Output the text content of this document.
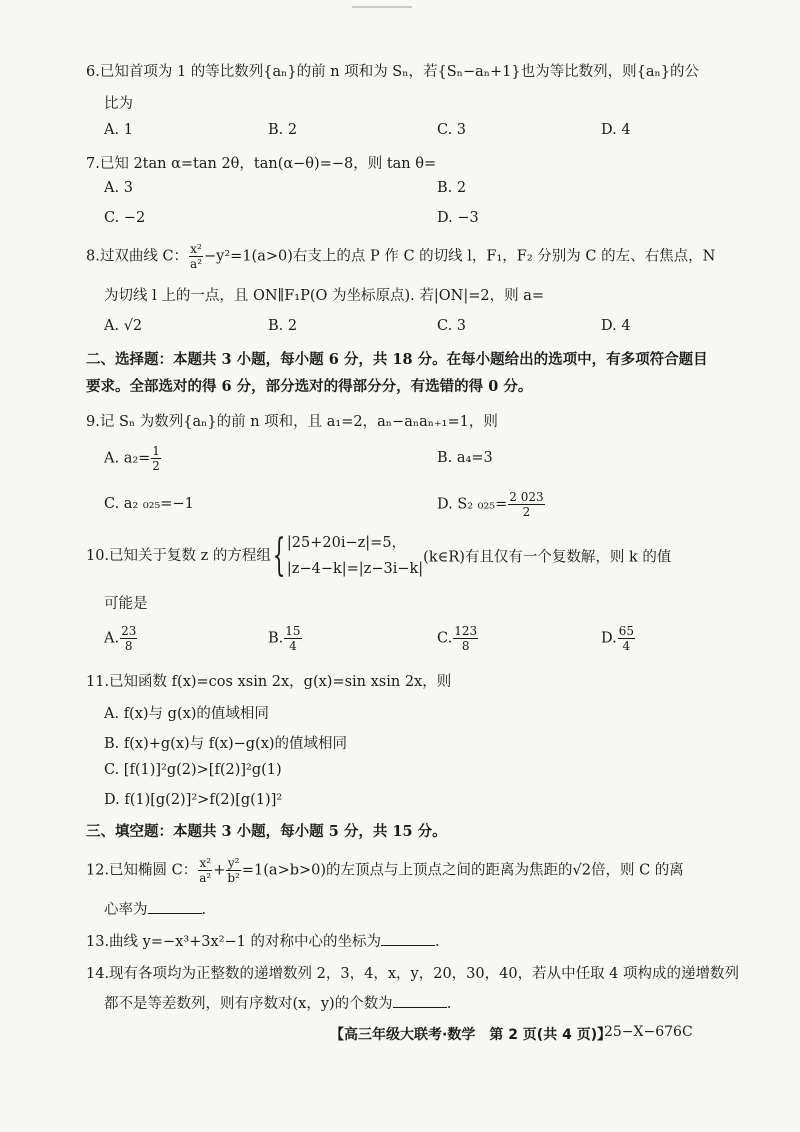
6.已知首项为 1 的等比数列{aₙ}的前 n 项和为 Sₙ，若{Sₙ−aₙ+1}也为等比数列，则{aₙ}的公
比为
A. 1	B. 2	C. 3	D. 4
7.已知 2tan α=tan 2θ，tan(α−θ)=−8，则 tan θ=
A. 3	B. 2
C. −2	D. −3
8.过双曲线 C： $\frac{\text{x²}}{\text{a²}} -y^2=1(a>0)$右支上的点 P 作 C 的切线 l，F₁，F₂ 分别为 C 的左、右焦点，N
为切线 l 上的一点，且 ON∥F₁P(O 为坐标原点). 若|ON|=2，则 a=
A. √2	B. 2	C. 3	D. 4
二、选择题：本题共 3 小题，每小题 6 分，共 18 分。在每小题给出的选项中，有多项符合题目要求。全部选对的得 6 分，部分选对的得部分分，有选错的得 0 分。
9.记 Sₙ 为数列{aₙ}的前 n 项和，且 a₁=2，aₙ−aₙaₙ₊₁=1，则
A. $a_2= \frac{1}{2}$	B. a₄=3
C. a₂ ₀₂₅=−1	D. S₂ $_{025}= \frac{2 023}{2}$
10.已知关于复数 z 的方程组{ |25+20i−z|=5，
|z−4−k|=|z−3i−k|
(k∈R)有且仅有一个复数解，则 k 的值
可能是
A. $\frac{23}{8}$	B. $\frac{15}{4}$	C. $\frac{123}{8}$	D. $\frac{65}{4}$
11.已知函数 f(x)=cos xsin 2x，g(x)=sin xsin 2x，则
A. f(x)与 g(x)的值域相同
B. f(x)+g(x)与 f(x)−g(x)的值域相同
C. [f(1)]²g(2)>[f(2)]²g(1)
D. f(1)[g(2)]²>f(2)[g(1)]²
三、填空题：本题共 3 小题，每小题 5 分，共 15 分。
12.已知椭圆 C： $\frac{\text{x²}}{\text{a²}} + \frac{\text{y²}}{\text{b²}} =1(a>b>0)$的左顶点与上顶点之间的距离为焦距的√2倍，则 C 的离
心率为	.
13.曲线 y=−x³+3x²−1 的对称中心的坐标为	.
14.现有各项均为正整数的递增数列 2，3，4，x，y，20，30，40，若从中任取 4 项构成的递增数列
都不是等差数列，则有序数对(x，y)的个数为	.
【高三年级大联考·数学　第 2 页(共 4 页)】
25−X−676C
